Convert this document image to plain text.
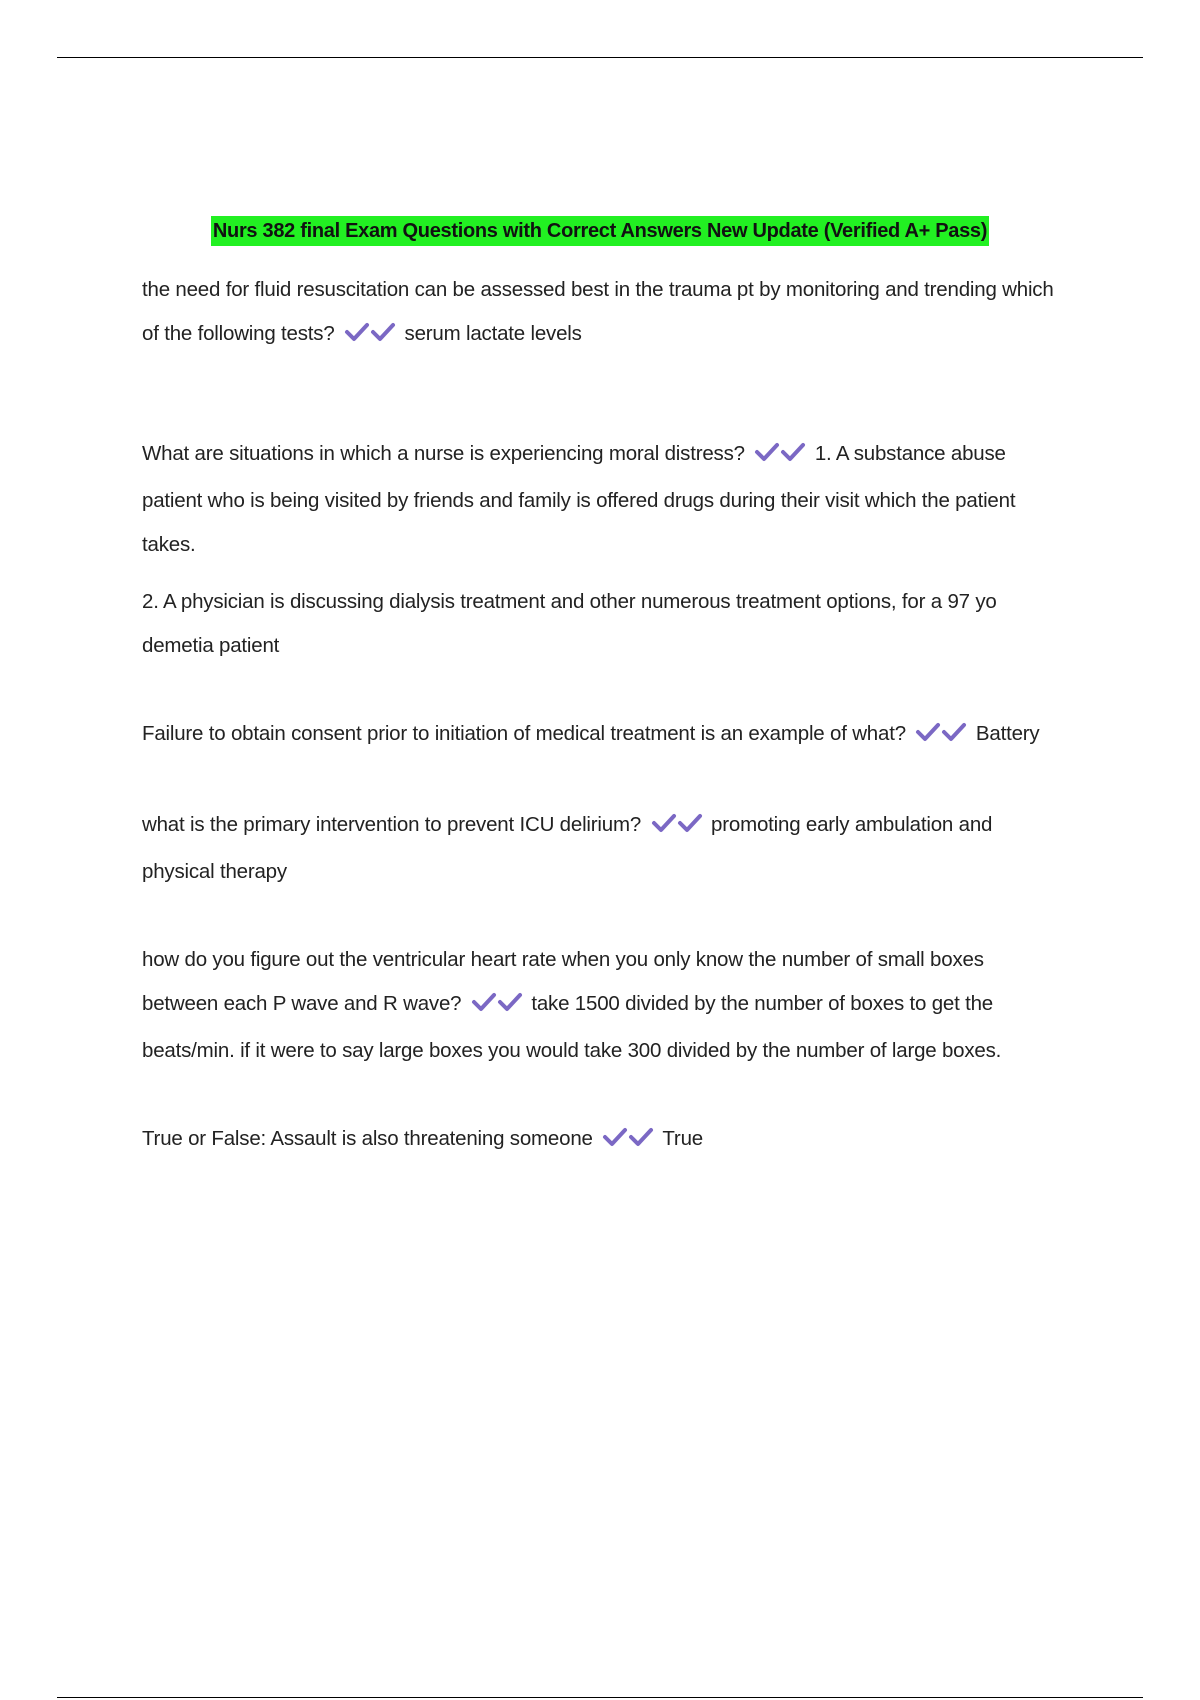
Nurs 382 final Exam Questions with Correct Answers New Update (Verified A+ Pass)

the need for fluid resuscitation can be assessed best in the trauma pt by monitoring and trending which of the following tests?	serum lactate levels

What are situations in which a nurse is experiencing moral distress?	1. A substance abuse patient who is being visited by friends and family is offered drugs during their visit which the patient takes.

2. A physician is discussing dialysis treatment and other numerous treatment options, for a 97 yo demetia patient

Failure to obtain consent prior to initiation of medical treatment is an example of what?	Battery

what is the primary intervention to prevent ICU delirium?	promoting early ambulation and physical therapy

how do you figure out the ventricular heart rate when you only know the number of small boxes between each P wave and R wave?	take 1500 divided by the number of boxes to get the beats/min. if it were to say large boxes you would take 300 divided by the number of large boxes.

True or False: Assault is also threatening someone	True
